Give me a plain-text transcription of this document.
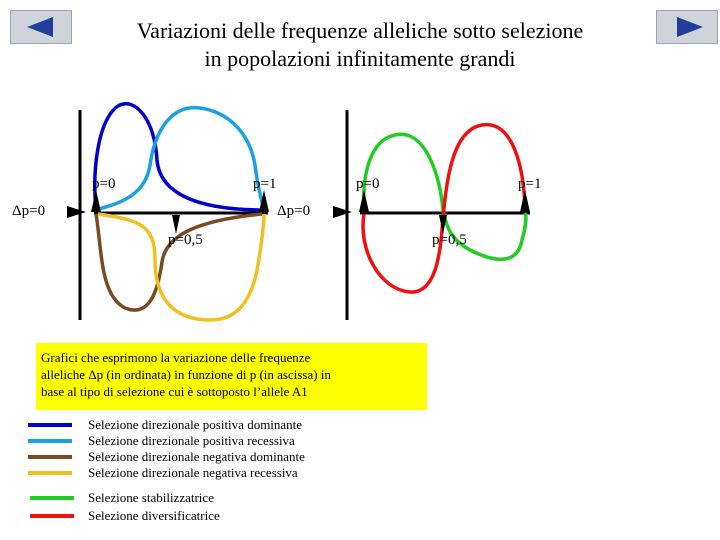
Variazioni delle frequenze alleliche sotto selezione
in popolazioni infinitamente grandi
Δp=0
p=0	p=1
Δp=0
p=0,5
p=0	p=1
p=0,5
Grafici che esprimono la variazione delle frequenze
alleliche Δp (in ordinata) in funzione di p (in ascissa) in
base al tipo di selezione cui è sottoposto l’allele A1
Selezione direzionale positiva dominante
Selezione direzionale positiva recessiva
Selezione direzionale negativa dominante
Selezione direzionale negativa recessiva
Selezione stabilizzatrice
Selezione diversificatrice
